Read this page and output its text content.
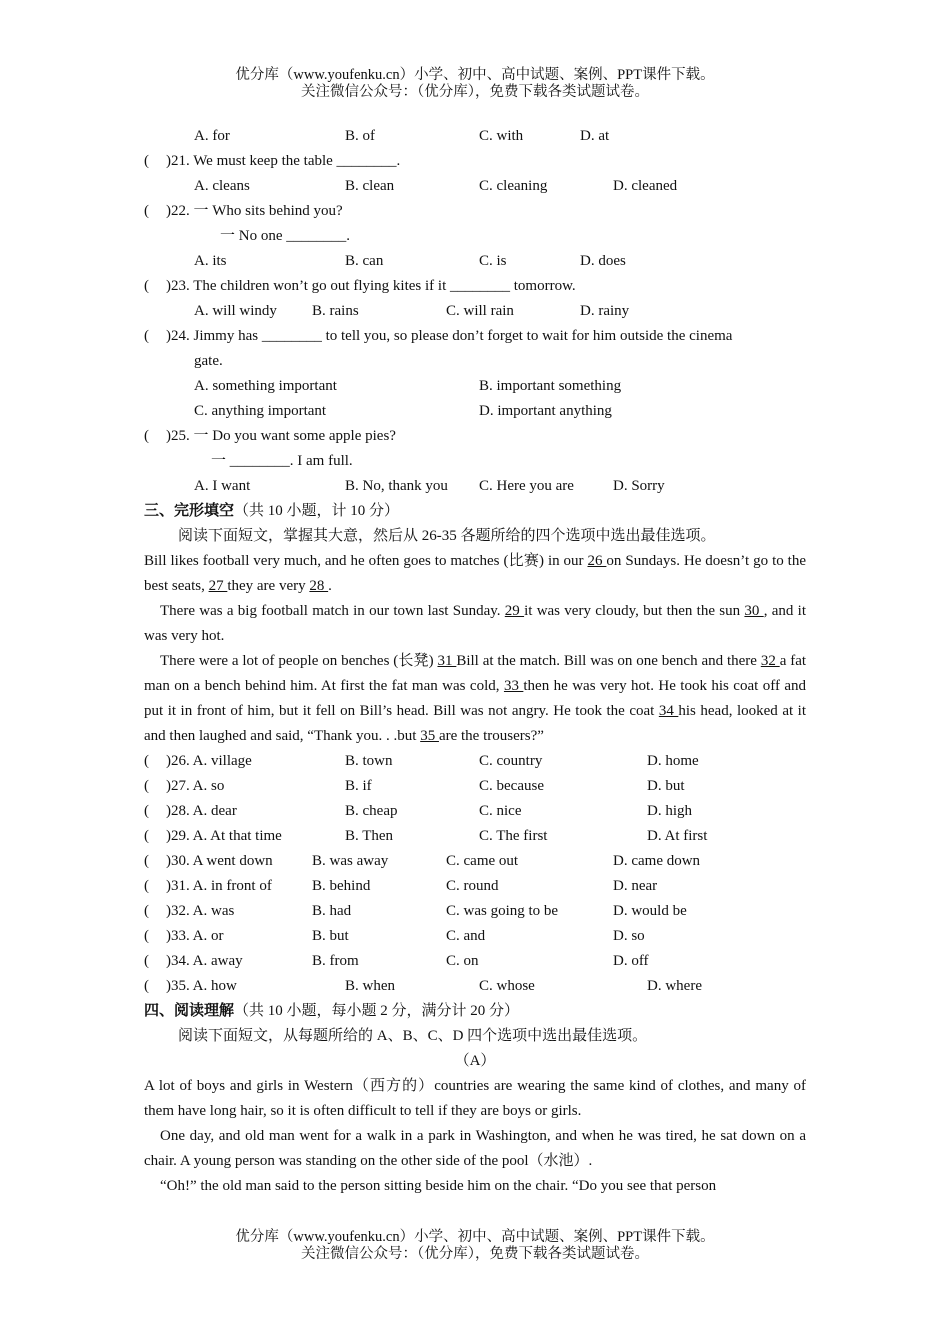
优分库（www.youfenku.cn）小学、初中、高中试题、案例、PPT课件下载。
关注微信公众号：（优分库），免费下载各类试题试卷。
A. for	B. of	C. with	D. at
( )21. We must keep the table ________.
A. cleans	B. clean	C. cleaning	D. cleaned
( )22. 一 Who sits behind you?
一 No one ________.
A. its	B. can	C. is	D. does
( )23. The children won’t go out flying kites if it ________ tomorrow.
A. will windy B. rains	C. will rain	D. rainy
( )24. Jimmy has ________ to tell you, so please don’t forget to wait for him outside the cinema
gate.
A. something important	B. important something
C. anything important	D. important anything
( )25. 一 Do you want some apple pies?
一 ________. I am full.
A. I want	B. No, thank you C. Here you are	D. Sorry
三、完形填空（共 10 小题，计 10 分）
阅读下面短文，掌握其大意，然后从 26-35 各题所给的四个选项中选出最佳选项。
Bill likes football very much, and he often goes to matches (比赛) in our 26 on Sundays. He doesn’t go to the best seats, 27 they are very 28 .
There was a big football match in our town last Sunday. 29 it was very cloudy, but then the sun 30 , and it was very hot.
There were a lot of people on benches (长凳) 31 Bill at the match. Bill was on one bench and there 32 a fat man on a bench behind him. At first the fat man was cold, 33 then he was very hot. He took his coat off and put it in front of him, but it fell on Bill’s head. Bill was not angry. He took the coat 34 his head, looked at it and then laughed and said, “Thank you. . .but 35 are the trousers?”
( )26. A. village	B. town	C. country	D. home
( )27. A. so	B. if	C. because	D. but
( )28. A. dear	B. cheap	C. nice	D. high
( )29. A. At that time	B. Then	C. The first	D. At first
( )30. A went down	B. was away	C. came out	D. came down
( )31. A. in front of	B. behind	C. round	D. near
( )32. A. was	B. had	C. was going to be	D. would be
( )33. A. or	B. but	C. and	D. so
( )34. A. away	B. from	C. on	D. off
( )35. A. how	B. when	C. whose	D. where
四、阅读理解（共 10 小题，每小题 2 分，满分计 20 分）
阅读下面短文，从每题所给的 A、B、C、D 四个选项中选出最佳选项。
（A）
A lot of boys and girls in Western（西方的）countries are wearing the same kind of clothes, and many of them have long hair, so it is often difficult to tell if they are boys or girls.
One day, and old man went for a walk in a park in Washington, and when he was tired, he sat down on a chair. A young person was standing on the other side of the pool（水池）.
“Oh!” the old man said to the person sitting beside him on the chair. “Do you see that person
优分库（www.youfenku.cn）小学、初中、高中试题、案例、PPT课件下载。
关注微信公众号：（优分库），免费下载各类试题试卷。
